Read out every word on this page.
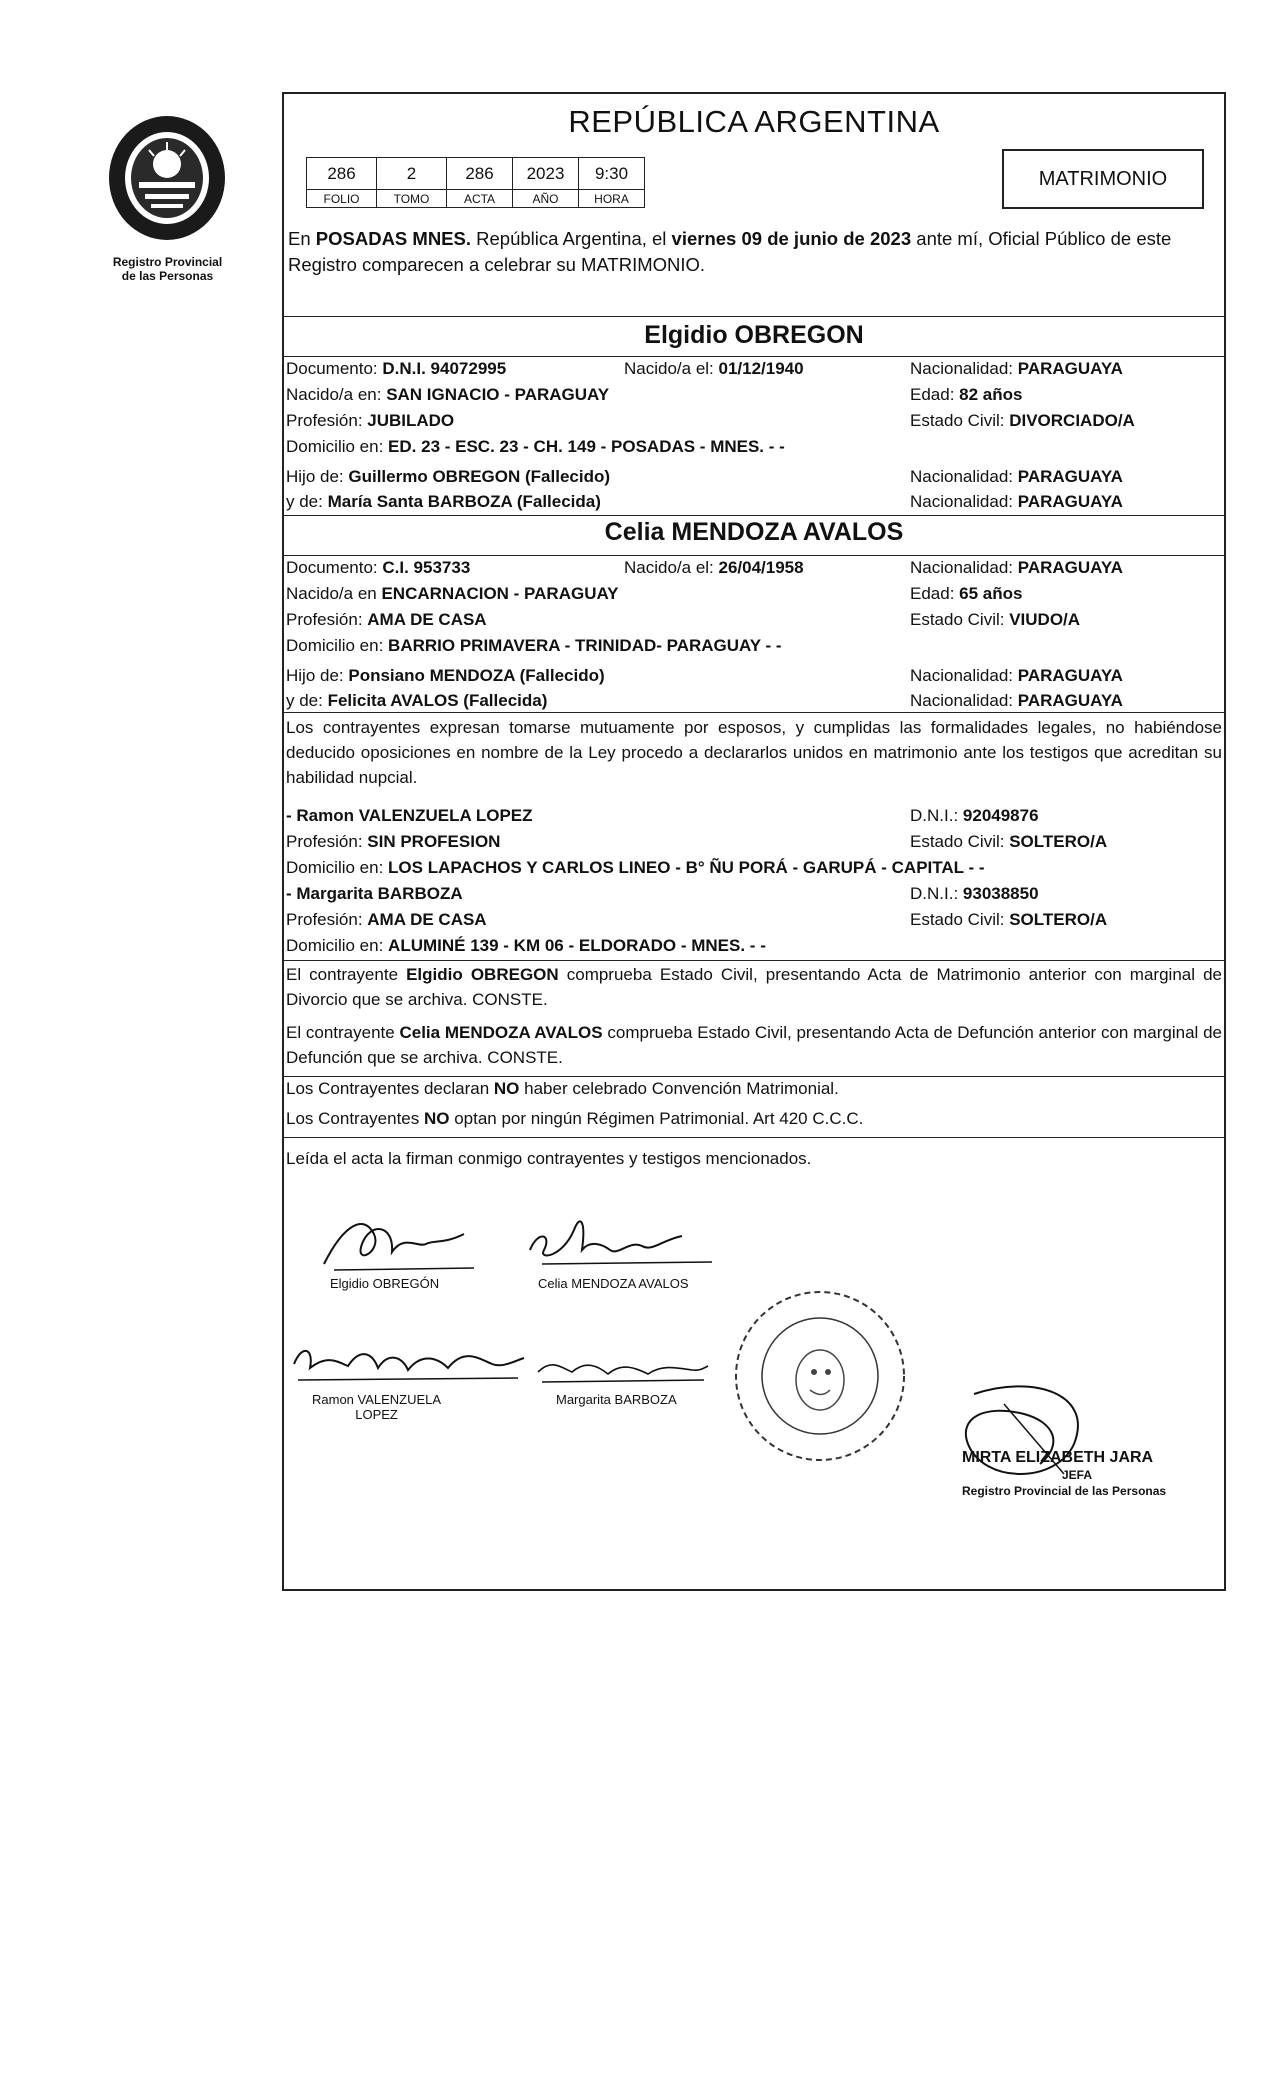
Registro Provincial
de las Personas
REPÚBLICA ARGENTINA
286	2	286	2023	9:30
FOLIO	TOMO	ACTA	AÑO	HORA
MATRIMONIO
En POSADAS MNES. República Argentina, el viernes 09 de junio de 2023 ante mí, Oficial Público de este Registro comparecen a celebrar su MATRIMONIO.
Elgidio OBREGON
Documento: D.N.I. 94072995	Nacido/a el: 01/12/1940	Nacionalidad: PARAGUAYA
Nacido/a en: SAN IGNACIO - PARAGUAY	Edad: 82 años
Profesión: JUBILADO	Estado Civil: DIVORCIADO/A
Domicilio en: ED. 23 - ESC. 23 - CH. 149 - POSADAS - MNES. - -
Hijo de: Guillermo OBREGON (Fallecido)	Nacionalidad: PARAGUAYA
y de: María Santa BARBOZA (Fallecida)	Nacionalidad: PARAGUAYA
Celia MENDOZA AVALOS
Documento: C.I. 953733	Nacido/a el: 26/04/1958	Nacionalidad: PARAGUAYA
Nacido/a en ENCARNACION - PARAGUAY	Edad: 65 años
Profesión: AMA DE CASA	Estado Civil: VIUDO/A
Domicilio en: BARRIO PRIMAVERA - TRINIDAD- PARAGUAY - -
Hijo de: Ponsiano MENDOZA (Fallecido)	Nacionalidad: PARAGUAYA
y de: Felicita AVALOS (Fallecida)	Nacionalidad: PARAGUAYA
Los contrayentes expresan tomarse mutuamente por esposos, y cumplidas las formalidades legales, no habiéndose deducido oposiciones en nombre de la Ley procedo a declararlos unidos en matrimonio ante los testigos que acreditan su habilidad nupcial.
- Ramon VALENZUELA LOPEZ	D.N.I.: 92049876
Profesión: SIN PROFESION	Estado Civil: SOLTERO/A
Domicilio en: LOS LAPACHOS Y CARLOS LINEO - B° ÑU PORÁ - GARUPÁ - CAPITAL - -
- Margarita BARBOZA	D.N.I.: 93038850
Profesión: AMA DE CASA	Estado Civil: SOLTERO/A
Domicilio en: ALUMINÉ 139 - KM 06 - ELDORADO - MNES. - -
El contrayente Elgidio OBREGON comprueba Estado Civil, presentando Acta de Matrimonio anterior con marginal de Divorcio que se archiva. CONSTE.
El contrayente Celia MENDOZA AVALOS comprueba Estado Civil, presentando Acta de Defunción anterior con marginal de Defunción que se archiva. CONSTE.
Los Contrayentes declaran NO haber celebrado Convención Matrimonial.
Los Contrayentes NO optan por ningún Régimen Patrimonial. Art 420 C.C.C.
Leída el acta la firman conmigo contrayentes y testigos mencionados.
Elgidio OBREGÓN	Celia MENDOZA AVALOS
Ramon VALENZUELA
LOPEZ
Margarita BARBOZA
MIRTA ELIZABETH JARA
JEFA
Registro Provincial de las Personas
